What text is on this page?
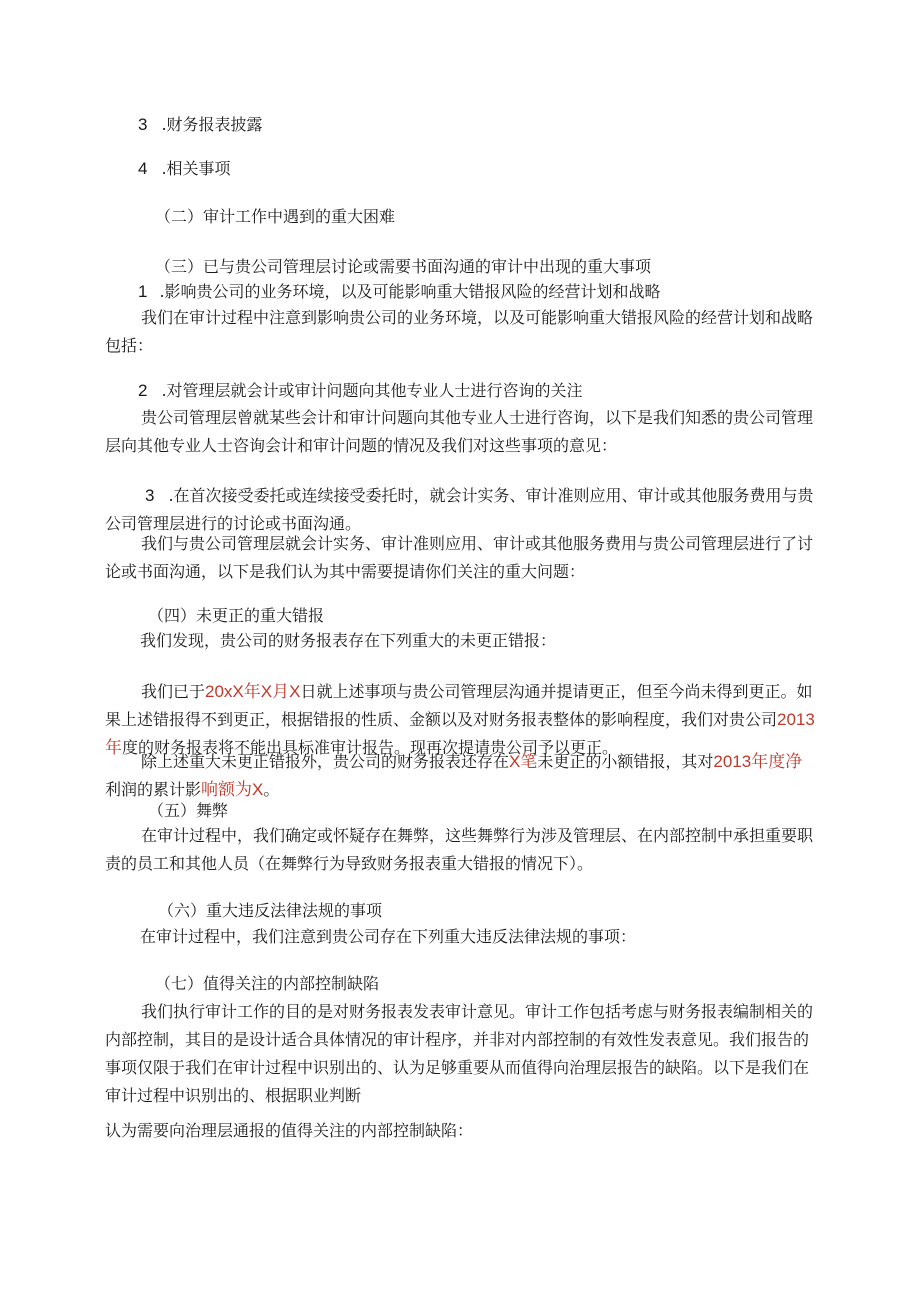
3 .财务报表披露
4 .相关事项
（二）审计工作中遇到的重大困难
（三）已与贵公司管理层讨论或需要书面沟通的审计中出现的重大事项
1 .影响贵公司的业务环境，以及可能影响重大错报风险的经营计划和战略
我们在审计过程中注意到影响贵公司的业务环境，以及可能影响重大错报风险的经营计划和战略包括：
2 .对管理层就会计或审计问题向其他专业人士进行咨询的关注
贵公司管理层曾就某些会计和审计问题向其他专业人士进行咨询，以下是我们知悉的贵公司管理层向其他专业人士咨询会计和审计问题的情况及我们对这些事项的意见：
3 .在首次接受委托或连续接受委托时，就会计实务、审计准则应用、审计或其他服务费用与贵公司管理层进行的讨论或书面沟通。
我们与贵公司管理层就会计实务、审计准则应用、审计或其他服务费用与贵公司管理层进行了讨论或书面沟通，以下是我们认为其中需要提请你们关注的重大问题：
（四）未更正的重大错报
我们发现，贵公司的财务报表存在下列重大的未更正错报：
我们已于20xX年X月X日就上述事项与贵公司管理层沟通并提请更正，但至今尚未得到更正。如果上述错报得不到更正，根据错报的性质、金额以及对财务报表整体的影响程度，我们对贵公司2013年度的财务报表将不能出具标准审计报告。现再次提请贵公司予以更正。
除上述重大未更正错报外，贵公司的财务报表还存在X笔未更正的小额错报，其对2013年度净利润的累计影响额为X。
（五）舞弊
在审计过程中，我们确定或怀疑存在舞弊，这些舞弊行为涉及管理层、在内部控制中承担重要职责的员工和其他人员（在舞弊行为导致财务报表重大错报的情况下）。
（六）重大违反法律法规的事项
在审计过程中，我们注意到贵公司存在下列重大违反法律法规的事项：
（七）值得关注的内部控制缺陷
我们执行审计工作的目的是对财务报表发表审计意见。审计工作包括考虑与财务报表编制相关的内部控制，其目的是设计适合具体情况的审计程序，并非对内部控制的有效性发表意见。我们报告的事项仅限于我们在审计过程中识别出的、认为足够重要从而值得向治理层报告的缺陷。以下是我们在审计过程中识别出的、根据职业判断
认为需要向治理层通报的值得关注的内部控制缺陷：
